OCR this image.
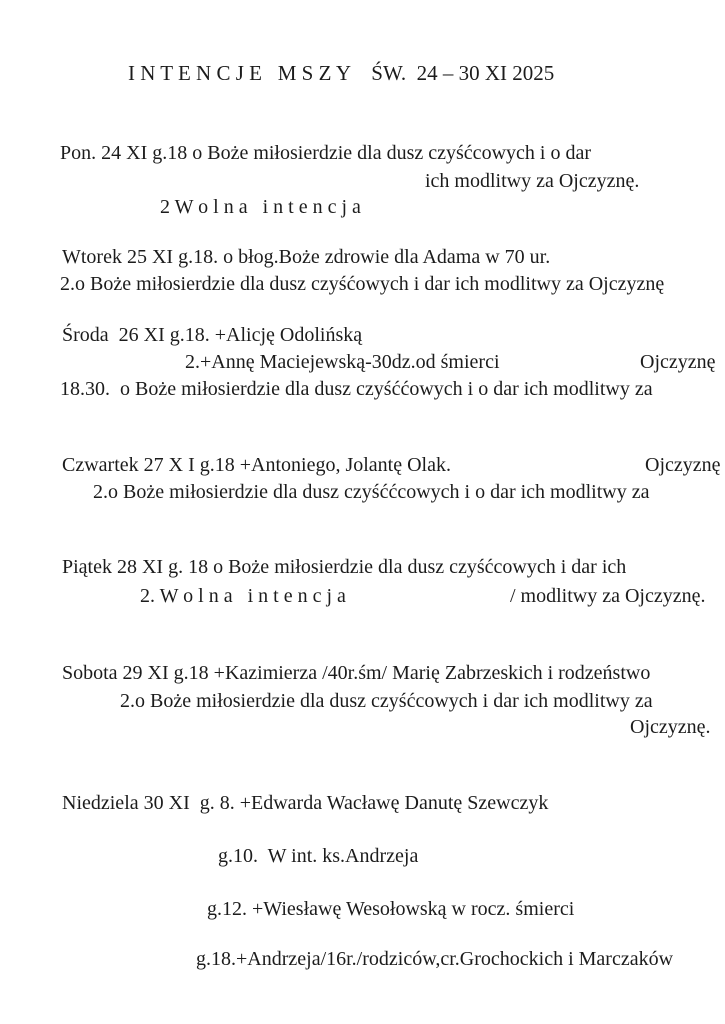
I N T E N C J E   M S Z Y    ŚW.  24 – 30 XI 2025
Pon. 24 XI g.18 o Boże miłosierdzie dla dusz czyśćcowych i o dar
ich modlitwy za Ojczyznę.
2 W o l n a   i n t e n c j a
Wtorek 25 XI g.18. o błog.Boże zdrowie dla Adama w 70 ur.
2.o Boże miłosierdzie dla dusz czyśćowych i dar ich modlitwy za Ojczyznę
Środa  26 XI g.18. +Alicję Odolińską
2.+Annę Maciejewską-30dz.od śmierci	Ojczyznę
18.30.  o Boże miłosierdzie dla dusz czyśććowych i o dar ich modlitwy za
Czwartek 27 X I g.18 +Antoniego, Jolantę Olak.	Ojczyznę
2.o Boże miłosierdzie dla dusz czyśććcowych i o dar ich modlitwy za
Piątek 28 XI g. 18 o Boże miłosierdzie dla dusz czyśćcowych i dar ich
2. W o l n a   i n t e n c j a	/ modlitwy za Ojczyznę.
Sobota 29 XI g.18 +Kazimierza /40r.śm/ Marię Zabrzeskich i rodzeństwo
2.o Boże miłosierdzie dla dusz czyśćcowych i dar ich modlitwy za
Ojczyznę.
Niedziela 30 XI  g. 8. +Edwarda Wacławę Danutę Szewczyk
g.10.  W int. ks.Andrzeja
g.12. +Wiesławę Wesołowską w rocz. śmierci
g.18.+Andrzeja/16r./rodziców,cr.Grochockich i Marczaków
